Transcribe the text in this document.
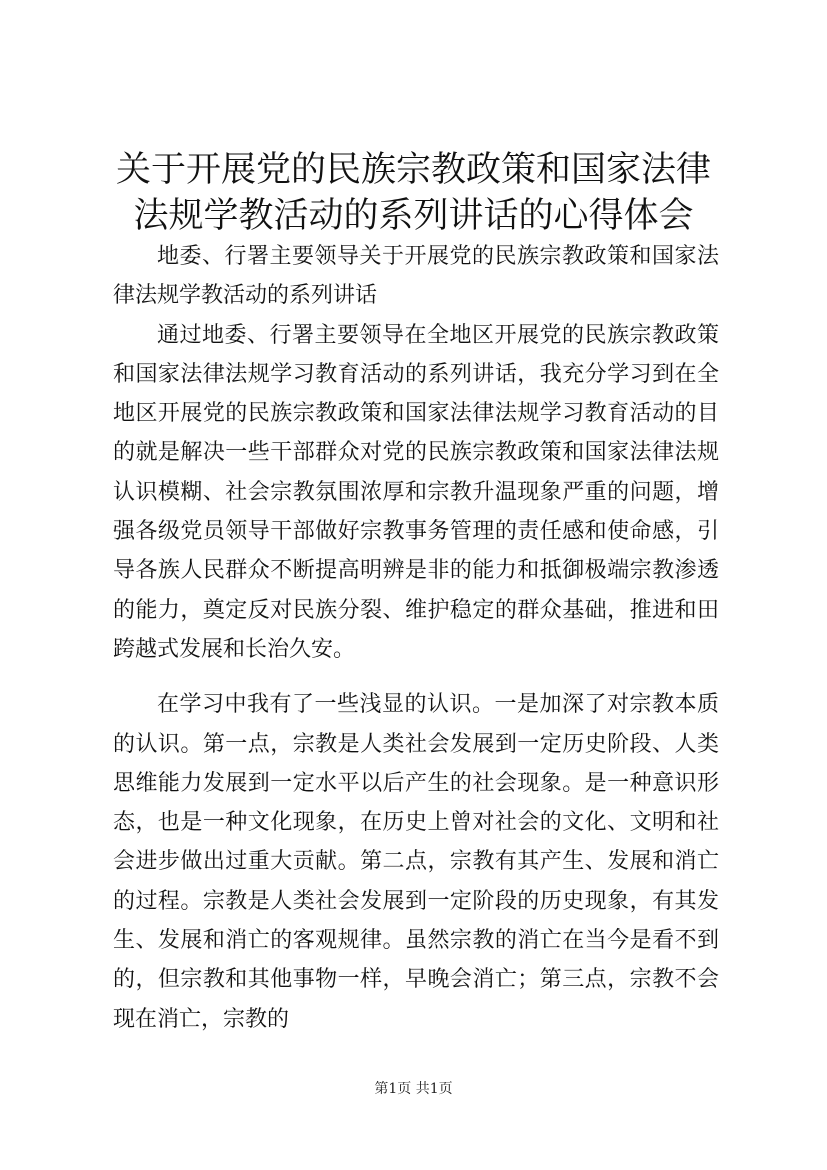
关于开展党的民族宗教政策和国家法律法规学教活动的系列讲话的心得体会

地委、行署主要领导关于开展党的民族宗教政策和国家法律法规学教活动的系列讲话

通过地委、行署主要领导在全地区开展党的民族宗教政策和国家法律法规学习教育活动的系列讲话，我充分学习到在全地区开展党的民族宗教政策和国家法律法规学习教育活动的目的就是解决一些干部群众对党的民族宗教政策和国家法律法规认识模糊、社会宗教氛围浓厚和宗教升温现象严重的问题，增强各级党员领导干部做好宗教事务管理的责任感和使命感，引导各族人民群众不断提高明辨是非的能力和抵御极端宗教渗透的能力，奠定反对民族分裂、维护稳定的群众基础，推进和田跨越式发展和长治久安。

在学习中我有了一些浅显的认识。一是加深了对宗教本质的认识。第一点，宗教是人类社会发展到一定历史阶段、人类思维能力发展到一定水平以后产生的社会现象。是一种意识形态，也是一种文化现象，在历史上曾对社会的文化、文明和社会进步做出过重大贡献。第二点，宗教有其产生、发展和消亡的过程。宗教是人类社会发展到一定阶段的历史现象，有其发生、发展和消亡的客观规律。虽然宗教的消亡在当今是看不到的，但宗教和其他事物一样，早晚会消亡；第三点，宗教不会现在消亡，宗教的

第1页 共1页
